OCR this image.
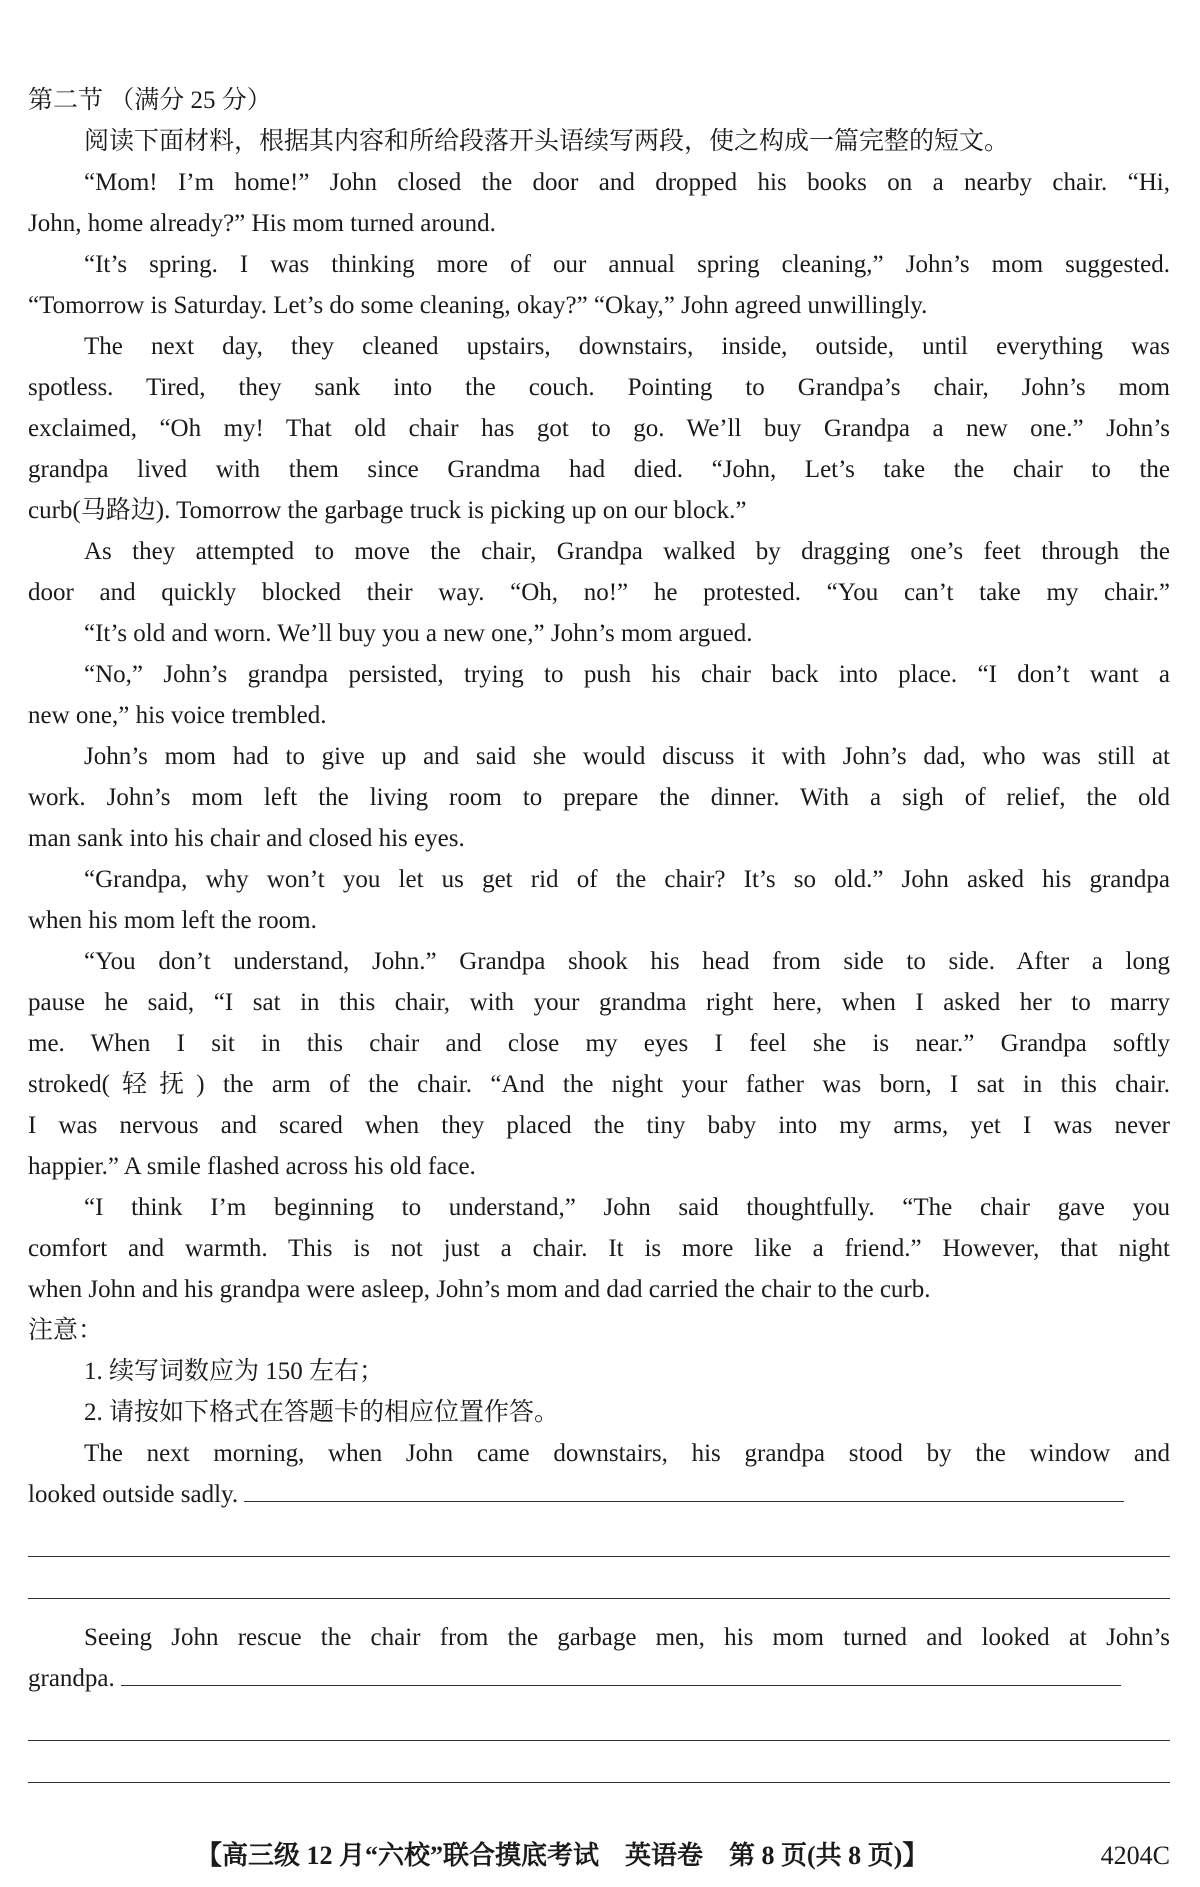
第二节 （满分 25 分）

阅读下面材料，根据其内容和所给段落开头语续写两段，使之构成一篇完整的短文。

“Mom! I’m home!” John closed the door and dropped his books on a nearby chair. “Hi,

John, home already?” His mom turned around.

“It’s spring. I was thinking more of our annual spring cleaning,” John’s mom suggested.

“Tomorrow is Saturday. Let’s do some cleaning, okay?” “Okay,” John agreed unwillingly.

The next day, they cleaned upstairs, downstairs, inside, outside, until everything was

spotless. Tired, they sank into the couch. Pointing to Grandpa’s chair, John’s mom

exclaimed, “Oh my! That old chair has got to go. We’ll buy Grandpa a new one.” John’s

grandpa lived with them since Grandma had died. “John, Let’s take the chair to the

curb(马路边). Tomorrow the garbage truck is picking up on our block.”

As they attempted to move the chair, Grandpa walked by dragging one’s feet through the

door and quickly blocked their way. “Oh, no!” he protested. “You can’t take my chair.”

“It’s old and worn. We’ll buy you a new one,” John’s mom argued.

“No,” John’s grandpa persisted, trying to push his chair back into place. “I don’t want a

new one,” his voice trembled.

John’s mom had to give up and said she would discuss it with John’s dad, who was still at

work. John’s mom left the living room to prepare the dinner. With a sigh of relief, the old

man sank into his chair and closed his eyes.

“Grandpa, why won’t you let us get rid of the chair? It’s so old.” John asked his grandpa

when his mom left the room.

“You don’t understand, John.” Grandpa shook his head from side to side. After a long

pause he said, “I sat in this chair, with your grandma right here, when I asked her to marry

me. When I sit in this chair and close my eyes I feel she is near.” Grandpa softly

stroked(轻抚) the arm of the chair. “And the night your father was born, I sat in this chair.

I was nervous and scared when they placed the tiny baby into my arms, yet I was never

happier.” A smile flashed across his old face.

“I think I’m beginning to understand,” John said thoughtfully. “The chair gave you

comfort and warmth. This is not just a chair. It is more like a friend.” However, that night

when John and his grandpa were asleep, John’s mom and dad carried the chair to the curb.

注意：

1. 续写词数应为 150 左右；

2. 请按如下格式在答题卡的相应位置作答。

The next morning, when John came downstairs, his grandpa stood by the window and

looked outside sadly.

Seeing John rescue the chair from the garbage men, his mom turned and looked at John’s

grandpa.

【高三级 12 月“六校”联合摸底考试　英语卷　第 8 页(共 8 页)】	4204C
